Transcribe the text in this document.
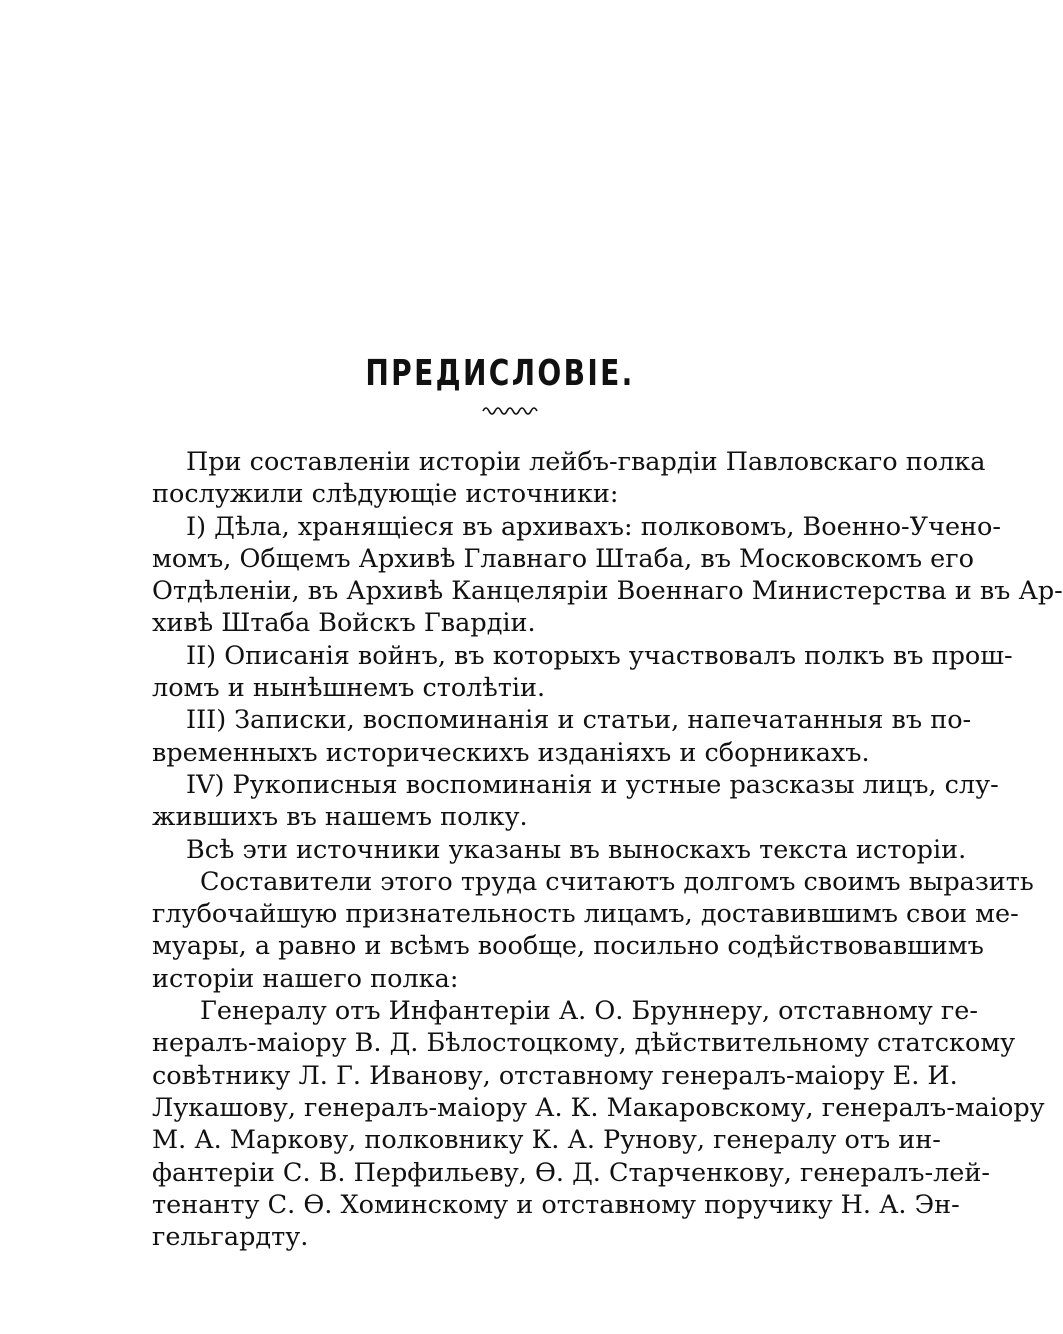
ПРЕДИСЛОВІЕ.

При составленіи исторіи лейбъ-гвардіи Павловскаго полка
послужили слѣдующіе источники:

I) Дѣла, хранящіеся въ архивахъ: полковомъ, Военно-Учено-
момъ, Общемъ Архивѣ Главнаго Штаба, въ Московскомъ его
Отдѣленіи, въ Архивѣ Канцеляріи Военнаго Министерства и въ Ар-
хивѣ Штаба Войскъ Гвардіи.

II) Описанія войнъ, въ которыхъ участвовалъ полкъ въ прош-
ломъ и нынѣшнемъ столѣтіи.

III) Записки, воспоминанія и статьи, напечатанныя въ по-
временныхъ историческихъ изданіяхъ и сборникахъ.

IV) Рукописныя воспоминанія и устные разсказы лицъ, слу-
жившихъ въ нашемъ полку.

Всѣ эти источники указаны въ выноскахъ текста исторіи.

Составители этого труда считаютъ долгомъ своимъ выразить
глубочайшую признательность лицамъ, доставившимъ свои ме-
муары, а равно и всѣмъ вообще, посильно содѣйствовавшимъ
исторіи нашего полка:

Генералу отъ Инфантеріи А. О. Бруннеру, отставному ге-
нералъ-маіору В. Д. Бѣлостоцкому, дѣйствительному статскому
совѣтнику Л. Г. Иванову, отставному генералъ-маіору Е. И.
Лукашову, генералъ-маіору А. К. Макаровскому, генералъ-маіору
М. А. Маркову, полковнику К. А. Рунову, генералу отъ ин-
фантеріи С. В. Перфильеву, Ѳ. Д. Старченкову, генералъ-лей-
тенанту С. Ѳ. Хоминскому и отставному поручику Н. А. Эн-
гельгардту.
